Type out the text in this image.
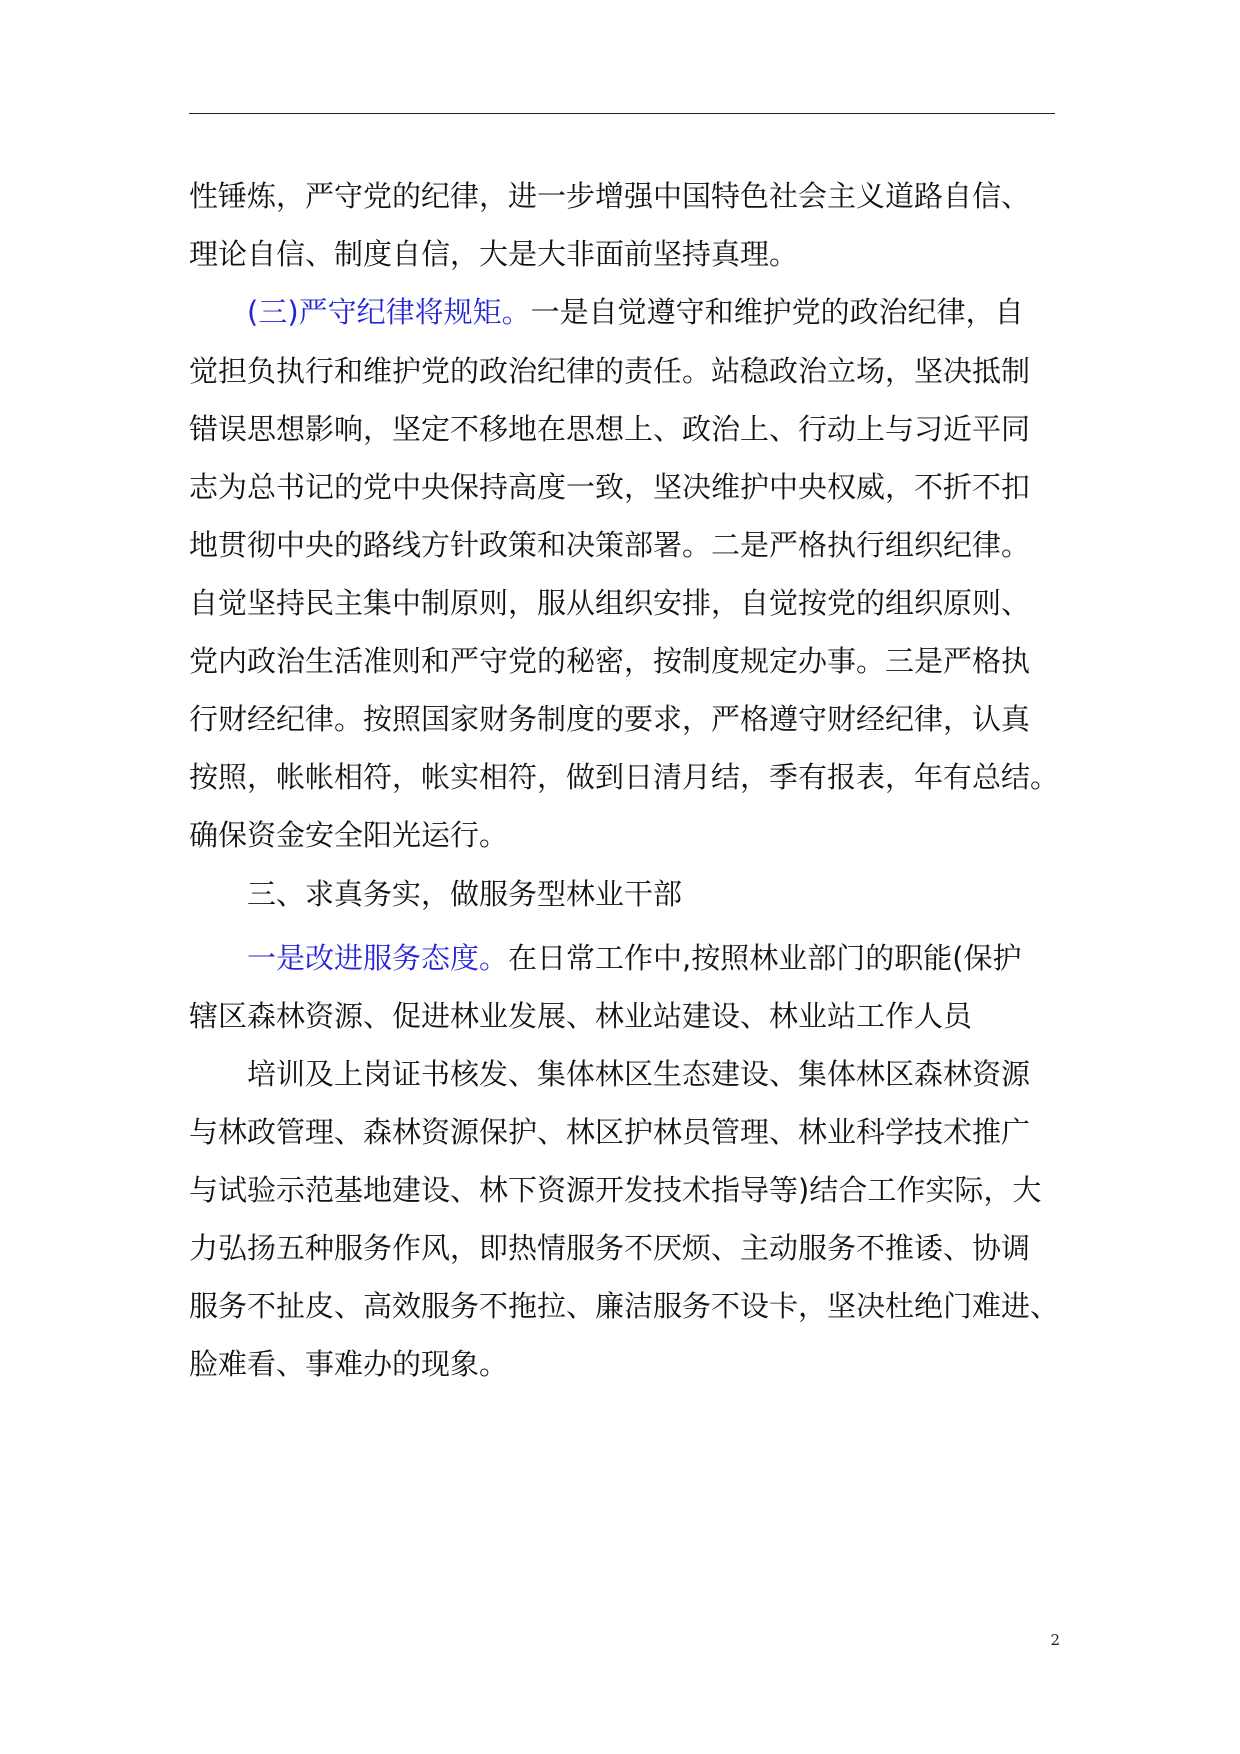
性锤炼，严守党的纪律，进一步增强中国特色社会主义道路自信、
理论自信、制度自信，大是大非面前坚持真理。
(三)严守纪律将规矩。一是自觉遵守和维护党的政治纪律，自
觉担负执行和维护党的政治纪律的责任。站稳政治立场，坚决抵制
错误思想影响，坚定不移地在思想上、政治上、行动上与习近平同
志为总书记的党中央保持高度一致，坚决维护中央权威，不折不扣
地贯彻中央的路线方针政策和决策部署。二是严格执行组织纪律。
自觉坚持民主集中制原则，服从组织安排，自觉按党的组织原则、
党内政治生活准则和严守党的秘密，按制度规定办事。三是严格执
行财经纪律。按照国家财务制度的要求，严格遵守财经纪律，认真
按照，帐帐相符，帐实相符，做到日清月结，季有报表，年有总结。
确保资金安全阳光运行。
三、求真务实，做服务型林业干部
一是改进服务态度。在日常工作中,按照林业部门的职能(保护
辖区森林资源、促进林业发展、林业站建设、林业站工作人员
培训及上岗证书核发、集体林区生态建设、集体林区森林资源
与林政管理、森林资源保护、林区护林员管理、林业科学技术推广
与试验示范基地建设、林下资源开发技术指导等)结合工作实际，大
力弘扬五种服务作风，即热情服务不厌烦、主动服务不推诿、协调
服务不扯皮、高效服务不拖拉、廉洁服务不设卡，坚决杜绝门难进、
脸难看、事难办的现象。
2
